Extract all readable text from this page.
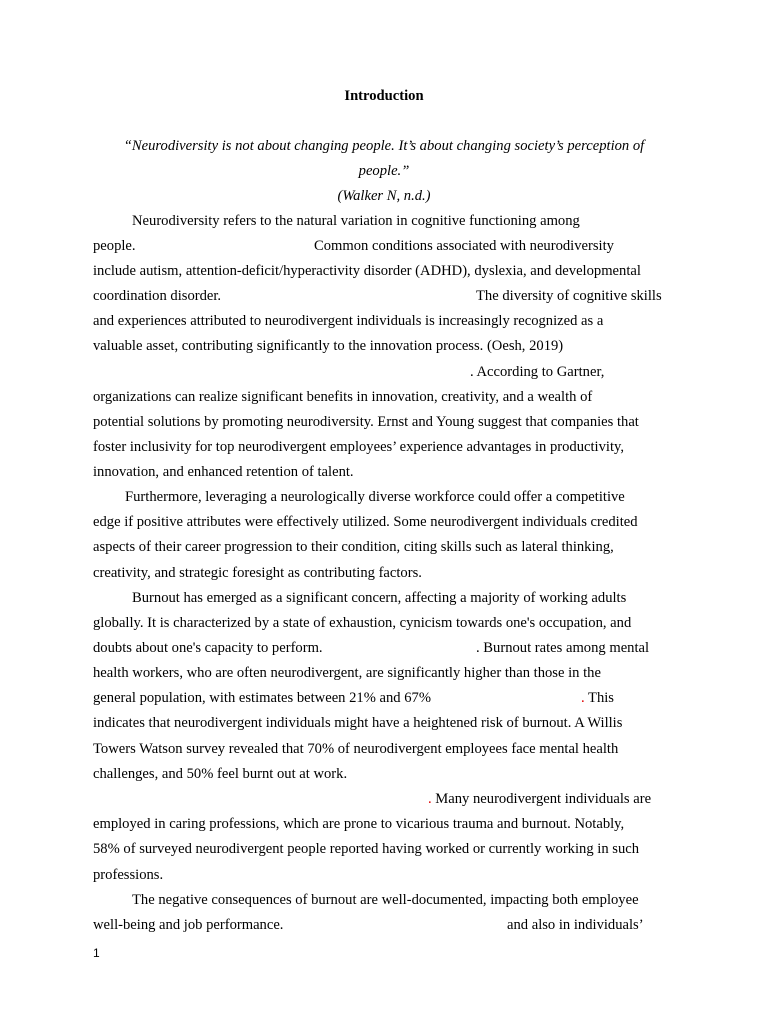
Introduction
“Neurodiversity is not about changing people. It’s about changing society’s perception of
people.”
(Walker N, n.d.)
Neurodiversity refers to the natural variation in cognitive functioning among
people.	Common conditions associated with neurodiversity
include autism, attention-deficit/hyperactivity disorder (ADHD), dyslexia, and developmental
coordination disorder.	The diversity of cognitive skills
and experiences attributed to neurodivergent individuals is increasingly recognized as a
valuable asset, contributing significantly to the innovation process. (Oesh, 2019)
. According to Gartner,
organizations can realize significant benefits in innovation, creativity, and a wealth of
potential solutions by promoting neurodiversity. Ernst and Young suggest that companies that
foster inclusivity for top neurodivergent employees’ experience advantages in productivity,
innovation, and enhanced retention of talent.
Furthermore, leveraging a neurologically diverse workforce could offer a competitive
edge if positive attributes were effectively utilized. Some neurodivergent individuals credited
aspects of their career progression to their condition, citing skills such as lateral thinking,
creativity, and strategic foresight as contributing factors.
Burnout has emerged as a significant concern, affecting a majority of working adults
globally. It is characterized by a state of exhaustion, cynicism towards one's occupation, and
doubts about one's capacity to perform.	. Burnout rates among mental
health workers, who are often neurodivergent, are significantly higher than those in the
general population, with estimates between 21% and 67%	. This
indicates that neurodivergent individuals might have a heightened risk of burnout. A Willis
Towers Watson survey revealed that 70% of neurodivergent employees face mental health
challenges, and 50% feel burnt out at work.
. Many neurodivergent individuals are
employed in caring professions, which are prone to vicarious trauma and burnout. Notably,
58% of surveyed neurodivergent people reported having worked or currently working in such
professions.
The negative consequences of burnout are well-documented, impacting both employee
well-being and job performance.	and also in individuals’
1
